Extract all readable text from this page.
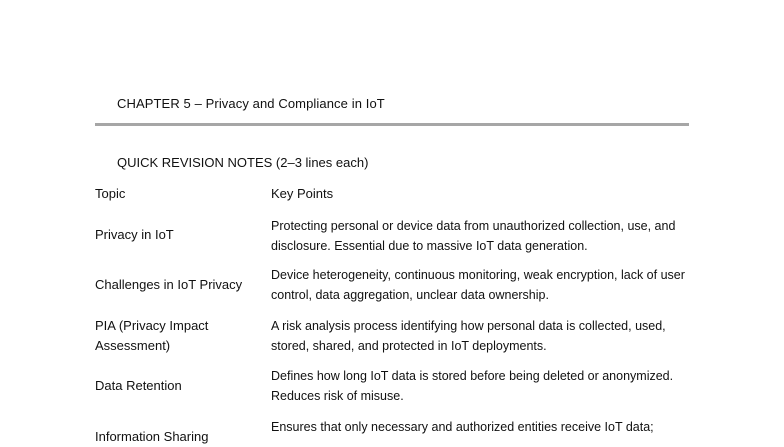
CHAPTER 5 – Privacy and Compliance in IoT
QUICK REVISION NOTES (2–3 lines each)
Topic	Key Points
Privacy in IoT
Protecting personal or device data from unauthorized collection, use, and disclosure. Essential due to massive IoT data generation.
Challenges in IoT Privacy
Device heterogeneity, continuous monitoring, weak encryption, lack of user control, data aggregation, unclear data ownership.
PIA (Privacy Impact Assessment)
A risk analysis process identifying how personal data is collected, used, stored, shared, and protected in IoT deployments.
Data Retention
Defines how long IoT data is stored before being deleted or anonymized. Reduces risk of misuse.
Information Sharing
Ensures that only necessary and authorized entities receive IoT data;
